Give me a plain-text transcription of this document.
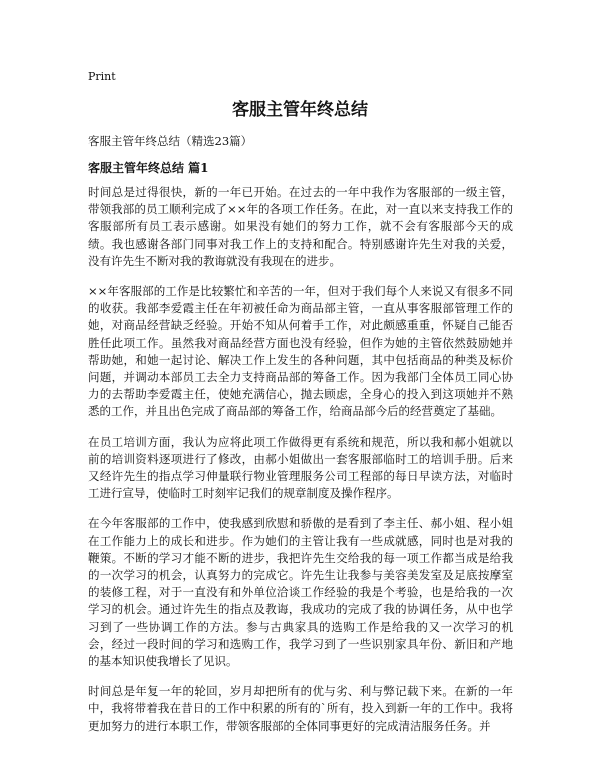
Print
客服主管年终总结
客服主管年终总结（精选23篇）
客服主管年终总结 篇1

时间总是过得很快，新的一年已开始。在过去的一年中我作为客服部的一级主管，带领我部的员工顺利完成了××年的各项工作任务。在此，对一直以来支持我工作的客服部所有员工表示感谢。如果没有她们的努力工作，就不会有客服部今天的成绩。我也感谢各部门同事对我工作上的支持和配合。特别感谢许先生对我的关爱，没有许先生不断对我的教诲就没有我现在的进步。

××年客服部的工作是比较繁忙和辛苦的一年，但对于我们每个人来说又有很多不同的收获。我部李爱霞主任在年初被任命为商品部主管，一直从事客服部管理工作的她，对商品经营缺乏经验。开始不知从何着手工作，对此颇感重重，怀疑自己能否胜任此项工作。虽然我对商品经营方面也没有经验，但作为她的主管依然鼓励她并帮助她，和她一起讨论、解决工作上发生的各种问题，其中包括商品的种类及标价问题，并调动本部员工去全力支持商品部的筹备工作。因为我部门全体员工同心协力的去帮助李爱霞主任，使她充满信心，抛去顾虑，全身心的投入到这项她并不熟悉的工作，并且出色完成了商品部的筹备工作，给商品部今后的经营奠定了基础。

在员工培训方面，我认为应将此项工作做得更有系统和规范，所以我和郝小姐就以前的培训资料逐项进行了修改，由郝小姐做出一套客服部临时工的培训手册。后来又经许先生的指点学习伸量联行物业管理服务公司工程部的每日早读方法，对临时工进行宣导，使临时工时刻牢记我们的规章制度及操作程序。

在今年客服部的工作中，使我感到欣慰和骄傲的是看到了李主任、郝小姐、程小姐在工作能力上的成长和进步。作为她们的主管让我有一些成就感，同时也是对我的鞭策。不断的学习才能不断的进步，我把许先生交给我的每一项工作都当成是给我的一次学习的机会，认真努力的完成它。许先生让我参与美容美发室及足底按摩室的装修工程，对于一直没有和外单位洽谈工作经验的我是个考验，也是给我的一次学习的机会。通过许先生的指点及教诲，我成功的完成了我的协调任务，从中也学习到了一些协调工作的方法。参与古典家具的选购工作是给我的又一次学习的机会，经过一段时间的学习和选购工作，我学习到了一些识别家具年份、新旧和产地的基本知识使我增长了见识。

时间总是年复一年的轮回，岁月却把所有的优与劣、利与弊记载下来。在新的一年中，我将带着我在昔日的工作中积累的所有的`所有，投入到新一年的工作中。我将更加努力的进行本职工作，带领客服部的全体同事更好的完成清洁服务任务。并
